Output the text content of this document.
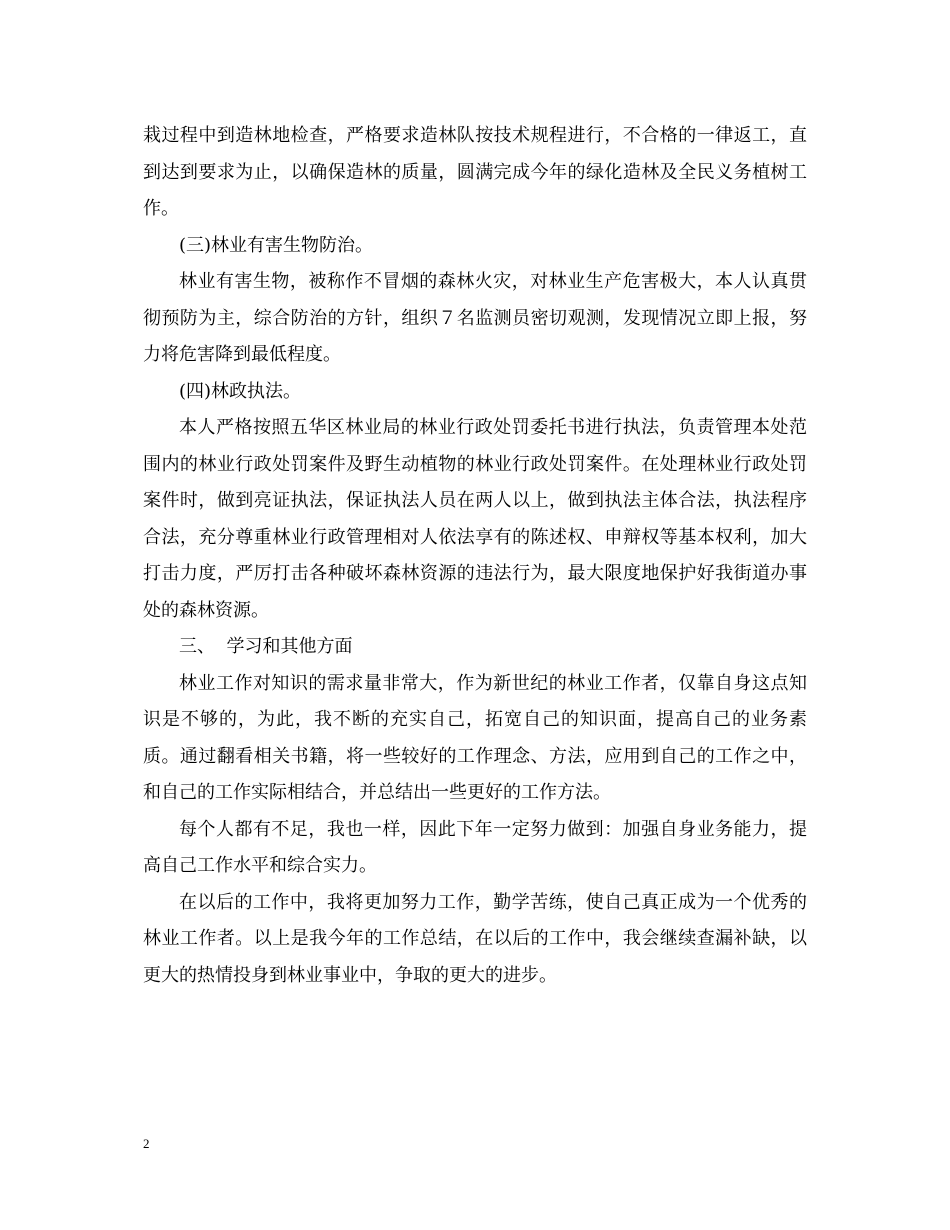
栽过程中到造林地检查，严格要求造林队按技术规程进行，不合格的一律返工，直到达到要求为止，以确保造林的质量，圆满完成今年的绿化造林及全民义务植树工作。

(三)林业有害生物防治。

林业有害生物，被称作不冒烟的森林火灾，对林业生产危害极大，本人认真贯彻预防为主，综合防治的方针，组织７名监测员密切观测，发现情况立即上报，努力将危害降到最低程度。

(四)林政执法。

本人严格按照五华区林业局的林业行政处罚委托书进行执法，负责管理本处范围内的林业行政处罚案件及野生动植物的林业行政处罚案件。在处理林业行政处罚案件时，做到亮证执法，保证执法人员在两人以上，做到执法主体合法，执法程序合法，充分尊重林业行政管理相对人依法享有的陈述权、申辩权等基本权利，加大打击力度，严厉打击各种破坏森林资源的违法行为，最大限度地保护好我街道办事处的森林资源。

三、  学习和其他方面

林业工作对知识的需求量非常大，作为新世纪的林业工作者，仅靠自身这点知识是不够的，为此，我不断的充实自己，拓宽自己的知识面，提高自己的业务素质。通过翻看相关书籍，将一些较好的工作理念、方法，应用到自己的工作之中，和自己的工作实际相结合，并总结出一些更好的工作方法。

每个人都有不足，我也一样，因此下年一定努力做到：加强自身业务能力，提高自己工作水平和综合实力。

在以后的工作中，我将更加努力工作，勤学苦练，使自己真正成为一个优秀的林业工作者。以上是我今年的工作总结，在以后的工作中，我会继续查漏补缺，以更大的热情投身到林业事业中，争取的更大的进步。

2
